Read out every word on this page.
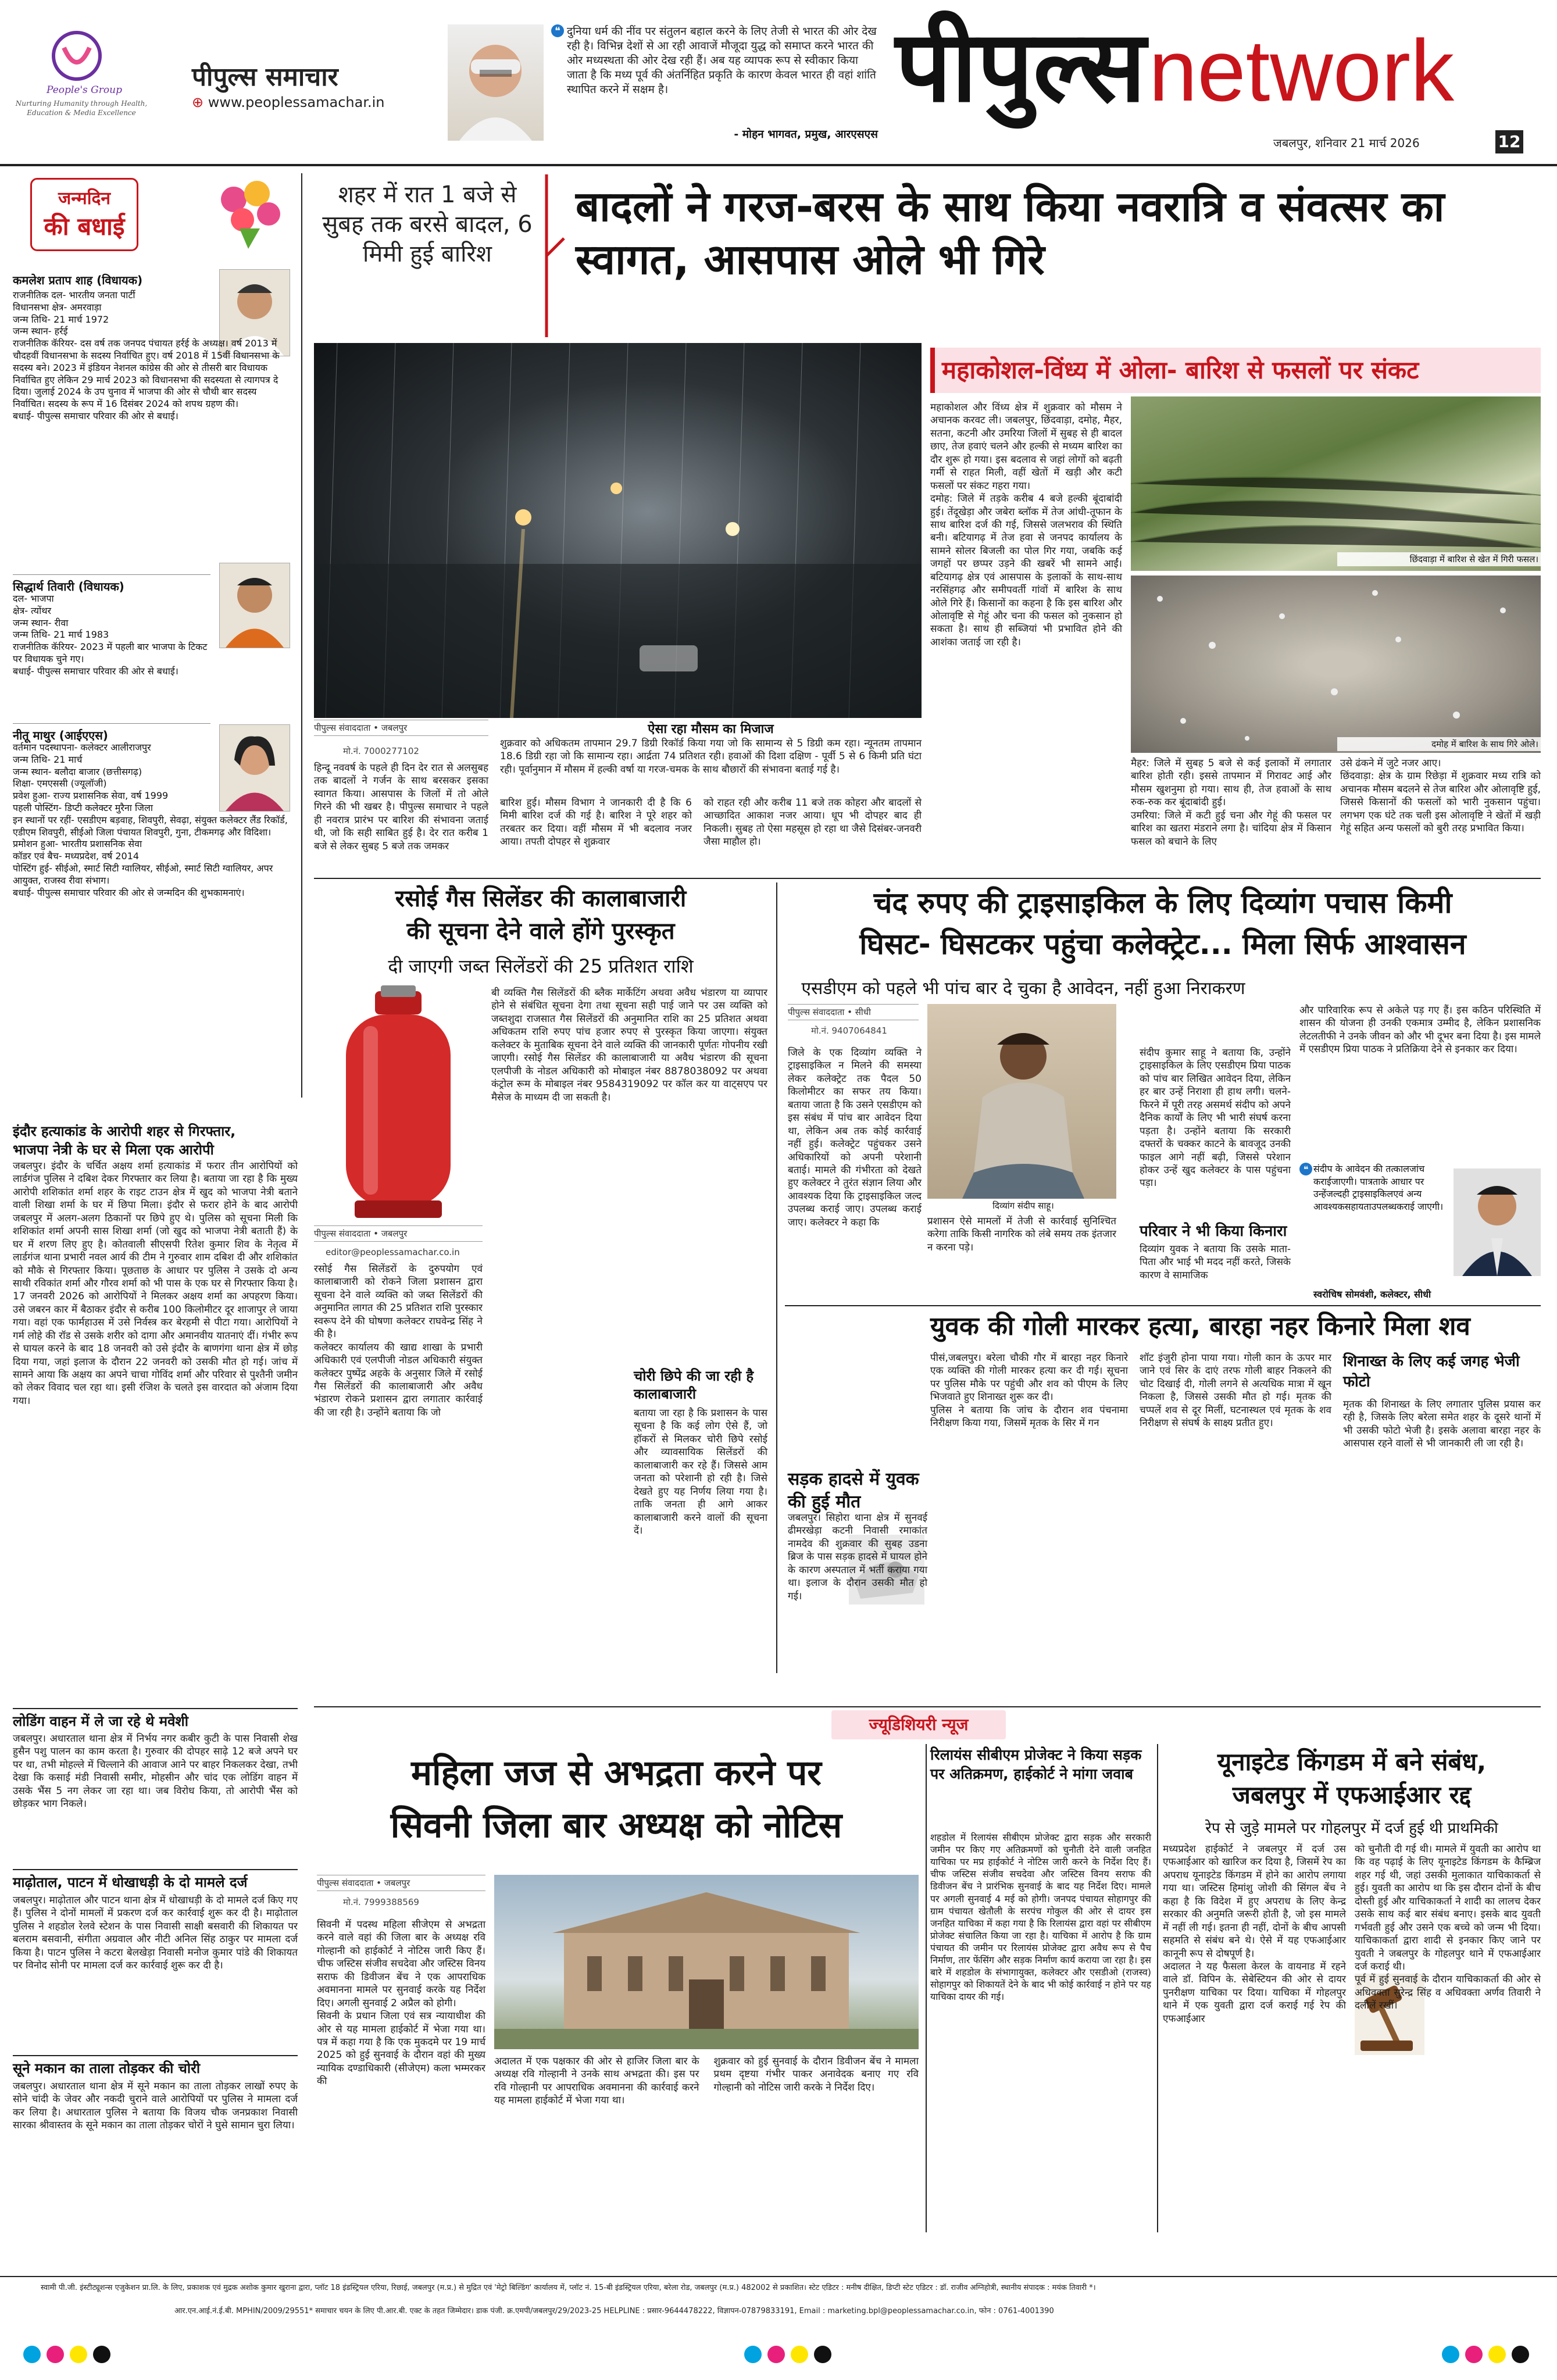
People's Group
Nurturing Humanity through Health, Education & Media Excellence
पीपुल्स समाचार
⊕ www.peoplessamachar.in
❝ दुनिया धर्म की नींव पर संतुलन बहाल करने के लिए तेजी से भारत की ओर देख रही है। विभिन्न देशों से आ रही आवाजें मौजूदा युद्ध को समाप्त करने भारत की ओर मध्यस्थता की ओर देख रही हैं। अब यह व्यापक रूप से स्वीकार किया जाता है कि मध्य पूर्व की अंतर्निहित प्रकृति के कारण केवल भारत ही वहां शांति स्थापित करने में सक्षम है।
- मोहन भागवत, प्रमुख, आरएसएस
पीपुल्स network
जबलपुर, शनिवार 21 मार्च 2026	12
जन्मदिन
की बधाई
कमलेश प्रताप शाह (विधायक)
राजनीतिक दल- भारतीय जनता पार्टी
विधानसभा क्षेत्र- अमरवाड़ा
जन्म तिथि- 21 मार्च 1972
जन्म स्थान- हर्रई
राजनीतिक कॅरियर- दस वर्ष तक जनपद पंचायत हर्रई के अध्यक्ष। वर्ष 2013 में चौदहवीं विधानसभा के सदस्य निर्वाचित हुए। वर्ष 2018 में 15वीं विधानसभा के सदस्य बने। 2023 में इंडियन नेशनल कांग्रेस की ओर से तीसरी बार विधायक निर्वाचित हुए लेकिन 29 मार्च 2023 को विधानसभा की सदस्यता से त्यागपत्र दे दिया। जुलाई 2024 के उप चुनाव में भाजपा की ओर से चौथी बार सदस्य निर्वाचित। सदस्य के रूप में 16 दिसंबर 2024 को शपथ ग्रहण की।
बधाई- पीपुल्स समाचार परिवार की ओर से बधाई।
सिद्धार्थ तिवारी (विधायक)
दल- भाजपा
क्षेत्र- त्योंथर
जन्म स्थान- रीवा
जन्म तिथि- 21 मार्च 1983
राजनीतिक कॅरियर- 2023 में पहली बार भाजपा के टिकट पर विधायक चुने गए।
बधाई- पीपुल्स समाचार परिवार की ओर से बधाई।
नीतू माथुर (आईएएस)
वर्तमान पदस्थापना- कलेक्टर आलीराजपुर
जन्म तिथि- 21 मार्च
जन्म स्थान- बलौदा बाजार (छत्तीसगढ़)
शिक्षा- एमएससी (ज्यूलॉजी)
प्रवेश हुआ- राज्य प्रशासनिक सेवा, वर्ष 1999
पहली पोस्टिंग- डिप्टी कलेक्टर मुरैना जिला
इन स्थानों पर रहीं- एसडीएम बड़वाह, शिवपुरी, सेवढ़ा, संयुक्त कलेक्टर लैंड रिकॉर्ड, एडीएम शिवपुरी, सीईओ जिला पंचायत शिवपुरी, गुना, टीकमगढ़ और विदिशा।
प्रमोशन हुआ- भारतीय प्रशासनिक सेवा
कॉडर एवं बैच- मध्यप्रदेश, वर्ष 2014
पोस्टिंग हुई- सीईओ, स्मार्ट सिटी ग्वालियर, सीईओ, स्मार्ट सिटी ग्वालियर, अपर आयुक्त, राजस्व रीवा संभाग।
बधाई- पीपुल्स समाचार परिवार की ओर से जन्मदिन की शुभकामनाएं।
शहर में रात 1 बजे से सुबह तक बरसे बादल, 6 मिमी हुई बारिश
बादलों ने गरज-बरस के साथ किया नवरात्रि व संवत्सर का स्वागत, आसपास ओले भी गिरे
पीपुल्स संवाददाता • जबलपुर
मो.नं. 7000277102
हिन्दू नववर्ष के पहले ही दिन देर रात से अलसुबह तक बादलों ने गर्जन के साथ बरसकर इसका स्वागत किया। आसपास के जिलों में तो ओले गिरने की भी खबर है। पीपुल्स समाचार ने पहले ही नवरात्र प्रारंभ पर बारिश की संभावना जताई थी, जो कि सही साबित हुई है। देर रात करीब 1 बजे से लेकर सुबह 5 बजे तक जमकर
ऐसा रहा मौसम का मिजाज
शुक्रवार को अधिकतम तापमान 29.7 डिग्री रिकॉर्ड किया गया जो कि सामान्य से 5 डिग्री कम रहा। न्यूनतम तापमान 18.6 डिग्री रहा जो कि सामान्य रहा। आर्द्रता 74 प्रतिशत रही। हवाओं की दिशा दक्षिण - पूर्वी 5 से 6 किमी प्रति घंटा रही। पूर्वानुमान में मौसम में हल्की वर्षा या गरज-चमक के साथ बौछारों की संभावना बताई गई है।
बारिश हुई। मौसम विभाग ने जानकारी दी है कि 6 मिमी बारिश दर्ज की गई है। बारिश ने पूरे शहर को तरबतर कर दिया। वहीं मौसम में भी बदलाव नजर आया। तपती दोपहर से शुक्रवार
को राहत रही और करीब 11 बजे तक कोहरा और बादलों से आच्छादित आकाश नजर आया। धूप भी दोपहर बाद ही निकली। सुबह तो ऐसा महसूस हो रहा था जैसे दिसंबर-जनवरी जैसा माहौल हो।
महाकोशल-विंध्य में ओला- बारिश से फसलों पर संकट
महाकोशल और विंध्य क्षेत्र में शुक्रवार को मौसम ने अचानक करवट ली। जबलपुर, छिंदवाड़ा, दमोह, मैहर, सतना, कटनी और उमरिया जिलों में सुबह से ही बादल छाए, तेज हवाएं चलने और हल्की से मध्यम बारिश का दौर शुरू हो गया। इस बदलाव से जहां लोगों को बढ़ती गर्मी से राहत मिली, वहीं खेतों में खड़ी और कटी फसलों पर संकट गहरा गया।
दमोह: जिले में तड़के करीब 4 बजे हल्की बूंदाबांदी हुई। तेंदूखेड़ा और जबेरा ब्लॉक में तेज आंधी-तूफान के साथ बारिश दर्ज की गई, जिससे जलभराव की स्थिति बनी। बटियागढ़ में तेज हवा से जनपद कार्यालय के सामने सोलर बिजली का पोल गिर गया, जबकि कई जगहों पर छप्पर उड़ने की खबरें भी सामने आईं। बटियागढ़ क्षेत्र एवं आसपास के इलाकों के साथ-साथ नरसिंहगढ़ और समीपवर्ती गांवों में बारिश के साथ ओले गिरे हैं। किसानों का कहना है कि इस बारिश और ओलावृष्टि से गेहूं और चना की फसल को नुकसान हो सकता है। साथ ही सब्जियां भी प्रभावित होने की आशंका जताई जा रही है।
छिंदवाड़ा में बारिश से खेत में गिरी फसल।
दमोह में बारिश के साथ गिरे ओले।
मैहर: जिले में सुबह 5 बजे से कई इलाकों में लगातार बारिश होती रही। इससे तापमान में गिरावट आई और मौसम खुशनुमा हो गया। साथ ही, तेज हवाओं के साथ रुक-रुक कर बूंदाबांदी हुई।
उमरिया: जिले में कटी हुई चना और गेहूं की फसल पर बारिश का खतरा मंडराने लगा है। चांदिया क्षेत्र में किसान फसल को बचाने के लिए
उसे ढंकने में जुटे नजर आए।
छिंदवाड़ा: क्षेत्र के ग्राम रिछेड़ा में शुक्रवार मध्य रात्रि को अचानक मौसम बदलने से तेज बारिश और ओलावृष्टि हुई, जिससे किसानों की फसलों को भारी नुकसान पहुंचा। लगभग एक घंटे तक चली इस ओलावृष्टि ने खेतों में खड़ी गेहूं सहित अन्य फसलों को बुरी तरह प्रभावित किया।
रसोई गैस सिलेंडर की कालाबाजारी
की सूचना देने वाले होंगे पुरस्कृत
दी जाएगी जब्त सिलेंडरों की 25 प्रतिशत राशि
पीपुल्स संवाददाता • जबलपुर
editor@peoplessamachar.co.in
रसोई गैस सिलेंडरों के दुरुपयोग एवं कालाबाजारी को रोकने जिला प्रशासन द्वारा सूचना देने वाले व्यक्ति को जब्त सिलेंडरों की अनुमानित लागत की 25 प्रतिशत राशि पुरस्कार स्वरूप देने की घोषणा कलेक्टर राघवेन्द्र सिंह ने की है।
कलेक्टर कार्यालय की खाद्य शाखा के प्रभारी अधिकारी एवं एलपीजी नोडल अधिकारी संयुक्त कलेक्टर पुष्पेंद्र अहके के अनुसार जिले में रसोई गैस सिलेंडरों की कालाबाजारी और अवैध भंडारण रोकने प्रशासन द्वारा लगातार कार्रवाई की जा रही है। उन्होंने बताया कि जो
बी व्यक्ति गैस सिलेंडरों की ब्लैक मार्केटिंग अथवा अवैध भंडारण या व्यापार होने से संबंधित सूचना देगा तथा सूचना सही पाई जाने पर उस व्यक्ति को जब्तशुदा राजसात गैस सिलेंडरों की अनुमानित राशि का 25 प्रतिशत अथवा अधिकतम राशि रुपए पांच हजार रुपए से पुरस्कृत किया जाएगा। संयुक्त कलेक्टर के मुताबिक सूचना देने वाले व्यक्ति की जानकारी पूर्णतः गोपनीय रखी जाएगी। रसोई गैस सिलेंडर की कालाबाजारी या अवैध भंडारण की सूचना एलपीजी के नोडल अधिकारी को मोबाइल नंबर 8878038092 पर अथवा कंट्रोल रूम के मोबाइल नंबर 9584319092 पर कॉल कर या वाट्सएप पर मैसेज के माध्यम दी जा सकती है।
चोरी छिपे की जा रही है कालाबाजारी
बताया जा रहा है कि प्रशासन के पास सूचना है कि कई लोग ऐसे हैं, जो हॉकरों से मिलकर चोरी छिपे रसोई और व्यावसायिक सिलेंडरों की कालाबाजारी कर रहे हैं। जिससे आम जनता को परेशानी हो रही है। जिसे देखते हुए यह निर्णय लिया गया है। ताकि जनता ही आगे आकर कालाबाजारी करने वालों की सूचना दें।
चंद रुपए की ट्राइसाइकिल के लिए दिव्यांग पचास किमी
घिसट- घिसटकर पहुंचा कलेक्ट्रेट... मिला सिर्फ आश्वासन
एसडीएम को पहले भी पांच बार दे चुका है आवेदन, नहीं हुआ निराकरण
पीपुल्स संवाददाता • सीधी
मो.नं. 9407064841
जिले के एक दिव्यांग व्यक्ति ने ट्राइसाइकिल न मिलने की समस्या लेकर कलेक्ट्रेट तक पैदल 50 किलोमीटर का सफर तय किया। बताया जाता है कि उसने एसडीएम को इस संबंध में पांच बार आवेदन दिया था, लेकिन अब तक कोई कार्रवाई नहीं हुई। कलेक्ट्रेट पहुंचकर उसने अधिकारियों को अपनी परेशानी बताई। मामले की गंभीरता को देखते हुए कलेक्टर ने तुरंत संज्ञान लिया और आवश्यक दिया कि ट्राइसाइकिल जल्द उपलब्ध कराई जाए। उपलब्ध कराई जाए। कलेक्टर ने कहा कि
दिव्यांग संदीप साहू।
प्रशासन ऐसे मामलों में तेजी से कार्रवाई सुनिश्चित करेगा ताकि किसी नागरिक को लंबे समय तक इंतजार न करना पड़े।
परिवार ने भी किया किनारा
दिव्यांग युवक ने बताया कि उसके माता-पिता और भाई भी मदद नहीं करते, जिसके कारण वे सामाजिक
संदीप कुमार साहू ने बताया कि, उन्होंने ट्राइसाइकिल के लिए एसडीएम प्रिया पाठक को पांच बार लिखित आवेदन दिया, लेकिन हर बार उन्हें निराशा ही हाथ लगी। चलने-फिरने में पूरी तरह असमर्थ संदीप को अपने दैनिक कार्यों के लिए भी भारी संघर्ष करना पड़ता है। उन्होंने बताया कि सरकारी दफ्तरों के चक्कर काटने के बावजूद उनकी फाइल आगे नहीं बढ़ी, जिससे परेशान होकर उन्हें खुद कलेक्टर के पास पहुंचना पड़ा।
और पारिवारिक रूप से अकेले पड़ गए हैं। इस कठिन परिस्थिति में शासन की योजना ही उनकी एकमात्र उम्मीद है, लेकिन प्रशासनिक लेटलतीफी ने उनके जीवन को और भी दूभर बना दिया है। इस मामले में एसडीएम प्रिया पाठक ने प्रतिक्रिया देने से इनकार कर दिया।
❝ संदीप के आवेदन की तत्कालजांच कराईजाएगी। पात्रताके आधार पर उन्हेंजल्दही ट्राइसाइकिलएवं अन्य आवश्यकसहायताउपलब्धकराई जाएगी।
स्वरोचिष सोमवंशी, कलेक्टर, सीधी
युवक की गोली मारकर हत्या, बारहा नहर किनारे मिला शव
पीसं,जबलपुर। बरेला चौकी गौर में बारहा नहर किनारे एक व्यक्ति की गोली मारकर हत्या कर दी गई। सूचना पर पुलिस मौके पर पहुंची और शव को पीएम के लिए भिजवाते हुए शिनाख्त शुरू कर दी।
पुलिस ने बताया कि जांच के दौरान शव पंचनामा निरीक्षण किया गया, जिसमें मृतक के सिर में गन
शॉट इंजुरी होना पाया गया। गोली कान के ऊपर मार जाने एवं सिर के दाएं तरफ गोली बाहर निकलने की चोट दिखाई दी, गोली लगने से अत्यधिक मात्रा में खून निकला है, जिससे उसकी मौत हो गई। मृतक की चप्पलें शव से दूर मिलीं, घटनास्थल एवं मृतक के शव निरीक्षण से संघर्ष के साक्ष्य प्रतीत हुए।
शिनाख्त के लिए कई जगह भेजी फोटो
मृतक की शिनाख्त के लिए लगातार पुलिस प्रयास कर रही है, जिसके लिए बरेला समेत शहर के दूसरे थानों में भी उसकी फोटो भेजी है। इसके अलावा बारहा नहर के आसपास रहने वालों से भी जानकारी ली जा रही है।
सड़क हादसे में युवक की हुई मौत
जबलपुर। सिहोरा थाना क्षेत्र में सुनवई ढीमरखेड़ा कटनी निवासी रमाकांत नामदेव की शुक्रवार की सुबह उडना ब्रिज के पास सड़क हादसे में घायल होने के कारण अस्पताल में भर्ती कराया गया था। इलाज के दौरान उसकी मौत हो गई।
इंदौर हत्याकांड के आरोपी शहर से गिरफ्तार,
भाजपा नेत्री के घर से मिला एक आरोपी
जबलपुर। इंदौर के चर्चित अक्षय शर्मा हत्याकांड में फरार तीन आरोपियों को लार्डगंज पुलिस ने दबिश देकर गिरफ्तार कर लिया है। बताया जा रहा है कि मुख्य आरोपी शशिकांत शर्मा शहर के राइट टाउन क्षेत्र में खुद को भाजपा नेत्री बताने वाली शिखा शर्मा के घर में छिपा मिला। इंदौर से फरार होने के बाद आरोपी जबलपुर में अलग-अलग ठिकानों पर छिपे हुए थे। पुलिस को सूचना मिली कि शशिकांत शर्मा अपनी सास शिखा शर्मा (जो खुद को भाजपा नेत्री बताती हैं) के घर में शरण लिए हुए है। कोतवाली सीएसपी रितेश कुमार शिव के नेतृत्व में लार्डगंज थाना प्रभारी नवल आर्य की टीम ने गुरुवार शाम दबिश दी और शशिकांत को मौके से गिरफ्तार किया। पूछताछ के आधार पर पुलिस ने उसके दो अन्य साथी रविकांत शर्मा और गौरव शर्मा को भी पास के एक घर से गिरफ्तार किया है। 17 जनवरी 2026 को आरोपियों ने मिलकर अक्षय शर्मा का अपहरण किया। उसे जबरन कार में बैठाकर इंदौर से करीब 100 किलोमीटर दूर शाजापुर ले जाया गया। वहां एक फार्महाउस में उसे निर्वस्त्र कर बेरहमी से पीटा गया। आरोपियों ने गर्म लोहे की रॉड से उसके शरीर को दागा और अमानवीय यातनाएं दीं। गंभीर रूप से घायल करने के बाद 18 जनवरी को उसे इंदौर के बाणगंगा थाना क्षेत्र में छोड़ दिया गया, जहां इलाज के दौरान 22 जनवरी को उसकी मौत हो गई। जांच में सामने आया कि अक्षय का अपने चाचा गोविंद शर्मा और परिवार से पुश्तैनी जमीन को लेकर विवाद चल रहा था। इसी रंजिश के चलते इस वारदात को अंजाम दिया गया।
लोडिंग वाहन में ले जा रहे थे मवेशी
जबलपुर। अधारताल थाना क्षेत्र में निर्भय नगर कबीर कुटी के पास निवासी शेख हुसैन पशु पालन का काम करता है। गुरुवार की दोपहर साढ़े 12 बजे अपने घर पर था, तभी मोहल्ले में चिल्लाने की आवाज आने पर बाहर निकलकर देखा, तभी देखा कि कसाई मंडी निवासी समीर, मोहसीन और चांद एक लोडिंग वाहन में उसके भैंस 5 नग लेकर जा रहा था। जब विरोध किया, तो आरोपी भैंस को छोड़कर भाग निकले।
माढ़ोताल, पाटन में धोखाधड़ी के दो मामले दर्ज
जबलपुर। माढ़ोताल और पाटन थाना क्षेत्र में धोखाधड़ी के दो मामले दर्ज किए गए हैं। पुलिस ने दोनों मामलों में प्रकरण दर्ज कर कार्रवाई शुरू कर दी है। माढ़ोताल पुलिस ने शहडोल रेलवे स्टेशन के पास निवासी साक्षी बसवारी की शिकायत पर बलराम बसवानी, संगीता अग्रवाल और नीटी अनिल सिंह ठाकुर पर मामला दर्ज किया है। पाटन पुलिस ने कटरा बेलखेड़ा निवासी मनोज कुमार पांडे की शिकायत पर विनोद सोनी पर मामला दर्ज कर कार्रवाई शुरू कर दी है।
सूने मकान का ताला तोड़कर की चोरी
जबलपुर। अधारताल थाना क्षेत्र में सूने मकान का ताला तोड़कर लाखों रुपए के सोने चांदी के जेवर और नकदी चुराने वाले आरोपियों पर पुलिस ने मामला दर्ज कर लिया है। अधारताल पुलिस ने बताया कि विजय चौक जनप्रकाश निवासी सारका श्रीवास्तव के सूने मकान का ताला तोड़कर चोरों ने घुसे सामान चुरा लिया।
ज्यूडिशियरी न्यूज
महिला जज से अभद्रता करने पर
सिवनी जिला बार अध्यक्ष को नोटिस
पीपुल्स संवाददाता • जबलपुर
मो.नं. 7999388569
सिवनी में पदस्थ महिला सीजेएम से अभद्रता करने वाले वहां की जिला बार के अध्यक्ष रवि गोल्हानी को हाईकोर्ट ने नोटिस जारी किए हैं। चीफ जस्टिस संजीव सचदेवा और जस्टिस विनय सराफ की डिवीजन बेंच ने एक आपराधिक अवमानना मामले पर सुनवाई करके यह निर्देश दिए। अगली सुनवाई 2 अप्रैल को होगी।
सिवनी के प्रधान जिला एवं सत्र न्यायाधीश की ओर से यह मामला हाईकोर्ट में भेजा गया था। पत्र में कहा गया है कि एक मुकदमे पर 19 मार्च 2025 को हुई सुनवाई के दौरान वहां की मुख्य न्यायिक दण्डाधिकारी (सीजेएम) कला भम्मरकर की
अदालत में एक पक्षकार की ओर से हाजिर जिला बार के अध्यक्ष रवि गोल्हानी ने उनके साथ अभद्रता की। इस पर रवि गोल्हानी पर आपराधिक अवमानना की कार्रवाई करने यह मामला हाईकोर्ट में भेजा गया था।
शुक्रवार को हुई सुनवाई के दौरान डिवीजन बेंच ने मामला प्रथम दृष्टया गंभीर पाकर अनावेदक बनाए गए रवि गोल्हानी को नोटिस जारी करके ने निर्देश दिए।
रिलायंस सीबीएम प्रोजेक्ट ने किया सड़क पर अतिक्रमण, हाईकोर्ट ने मांगा जवाब
शहडोल में रिलायंस सीबीएम प्रोजेक्ट द्वारा सड़क और सरकारी जमीन पर किए गए अतिक्रमणों को चुनौती देने वाली जनहित याचिका पर मप्र हाईकोर्ट ने नोटिस जारी करने के निर्देश दिए हैं। चीफ जस्टिस संजीव सचदेवा और जस्टिस विनय सराफ की डिवीजन बेंच ने प्रारंभिक सुनवाई के बाद यह निर्देश दिए। मामले पर अगली सुनवाई 4 मई को होगी। जनपद पंचायत सोहागपुर की ग्राम पंचायत खेतौली के सरपंच गोकुल की ओर से दायर इस जनहित याचिका में कहा गया है कि रिलायंस द्वारा वहां पर सीबीएम प्रोजेक्ट संचालित किया जा रहा है। याचिका में आरोप है कि ग्राम पंचायत की जमीन पर रिलायंस प्रोजेक्ट द्वारा अवैध रूप से पैच निर्माण, तार फेंसिंग और सड़क निर्माण कार्य कराया जा रहा है। इस बारे में शहडोल के संभागायुक्त, कलेक्टर और एसडीओ (राजस्व) सोहागपुर को शिकायतें देने के बाद भी कोई कार्रवाई न होने पर यह याचिका दायर की गई।
यूनाइटेड किंगडम में बने संबंध,
जबलपुर में एफआईआर रद्द
रेप से जुड़े मामले पर गोहलपुर में दर्ज हुई थी प्राथमिकी
मध्यप्रदेश हाईकोर्ट ने जबलपुर में दर्ज उस एफआईआर को खारिज कर दिया है, जिसमें रेप का अपराध यूनाइटेड किंगडम में होने का आरोप लगाया गया था। जस्टिस हिमांशु जोशी की सिंगल बेंच ने कहा है कि विदेश में हुए अपराध के लिए केन्द्र सरकार की अनुमति जरूरी होती है, जो इस मामले में नहीं ली गई। इतना ही नहीं, दोनों के बीच आपसी सहमति से संबंध बने थे। ऐसे में यह एफआईआर कानूनी रूप से दोषपूर्ण है।
अदालत ने यह फैसला केरल के वायनाड में रहने वाले डॉ. विपिन के. सेबेस्टियन की ओर से दायर पुनरीक्षण याचिका पर दिया। याचिका में गोहलपुर थाने में एक युवती द्वारा दर्ज कराई गई रेप की एफआईआर
को चुनौती दी गई थी। मामले में युवती का आरोप था कि वह पढ़ाई के लिए यूनाइटेड किंगडम के कैम्ब्रिज शहर गई थी, जहां उसकी मुलाकात याचिकाकर्ता से हुई। युवती का आरोप था कि इस दौरान दोनों के बीच दोस्ती हुई और याचिकाकर्ता ने शादी का लालच देकर उसके साथ कई बार संबंध बनाए। इसके बाद युवती गर्भवती हुई और उसने एक बच्चे को जन्म भी दिया। याचिकाकर्ता द्वारा शादी से इनकार किए जाने पर युवती ने जबलपुर के गोहलपुर थाने में एफआईआर दर्ज कराई थी।
पूर्व में हुई सुनवाई के दौरान याचिकाकर्ता की ओर से अधिवक्ता सुरेन्द्र सिंह व अधिवक्ता अर्णव तिवारी ने दलीलें रखीं।
स्वामी पी.जी. इंस्टीट्यूशन्स एजुकेशन प्रा.लि. के लिए, प्रकाशक एवं मुद्रक अशोक कुमार खुराना द्वारा, प्लॉट 18 इंडस्ट्रियल एरिया, रिछाई, जबलपुर (म.प्र.) से मुद्रित एवं 'मेट्रो बिल्डिंग' कार्यालय में, प्लॉट नं. 15-बी इंडस्ट्रियल एरिया, बरेला रोड, जबलपुर (म.प्र.) 482002 से प्रकाशित। स्टेट एडिटर : मनीष दीक्षित, डिप्टी स्टेट एडिटर : डॉ. राजीव अग्निहोत्री, स्थानीय संपादक : मयंक तिवारी *।
आर.एन.आई.नं.ई.बी. MPHIN/2009/29551* समाचार चयन के लिए पी.आर.बी. एक्ट के तहत जिम्मेदार। डाक पंजी. क्र.एमपी/जबलपुर/29/2023-25 HELPLINE : प्रसार-9644478222, विज्ञापन-07879833191, Email : marketing.bpl@peoplessamachar.co.in, फोन : 0761-4001390
